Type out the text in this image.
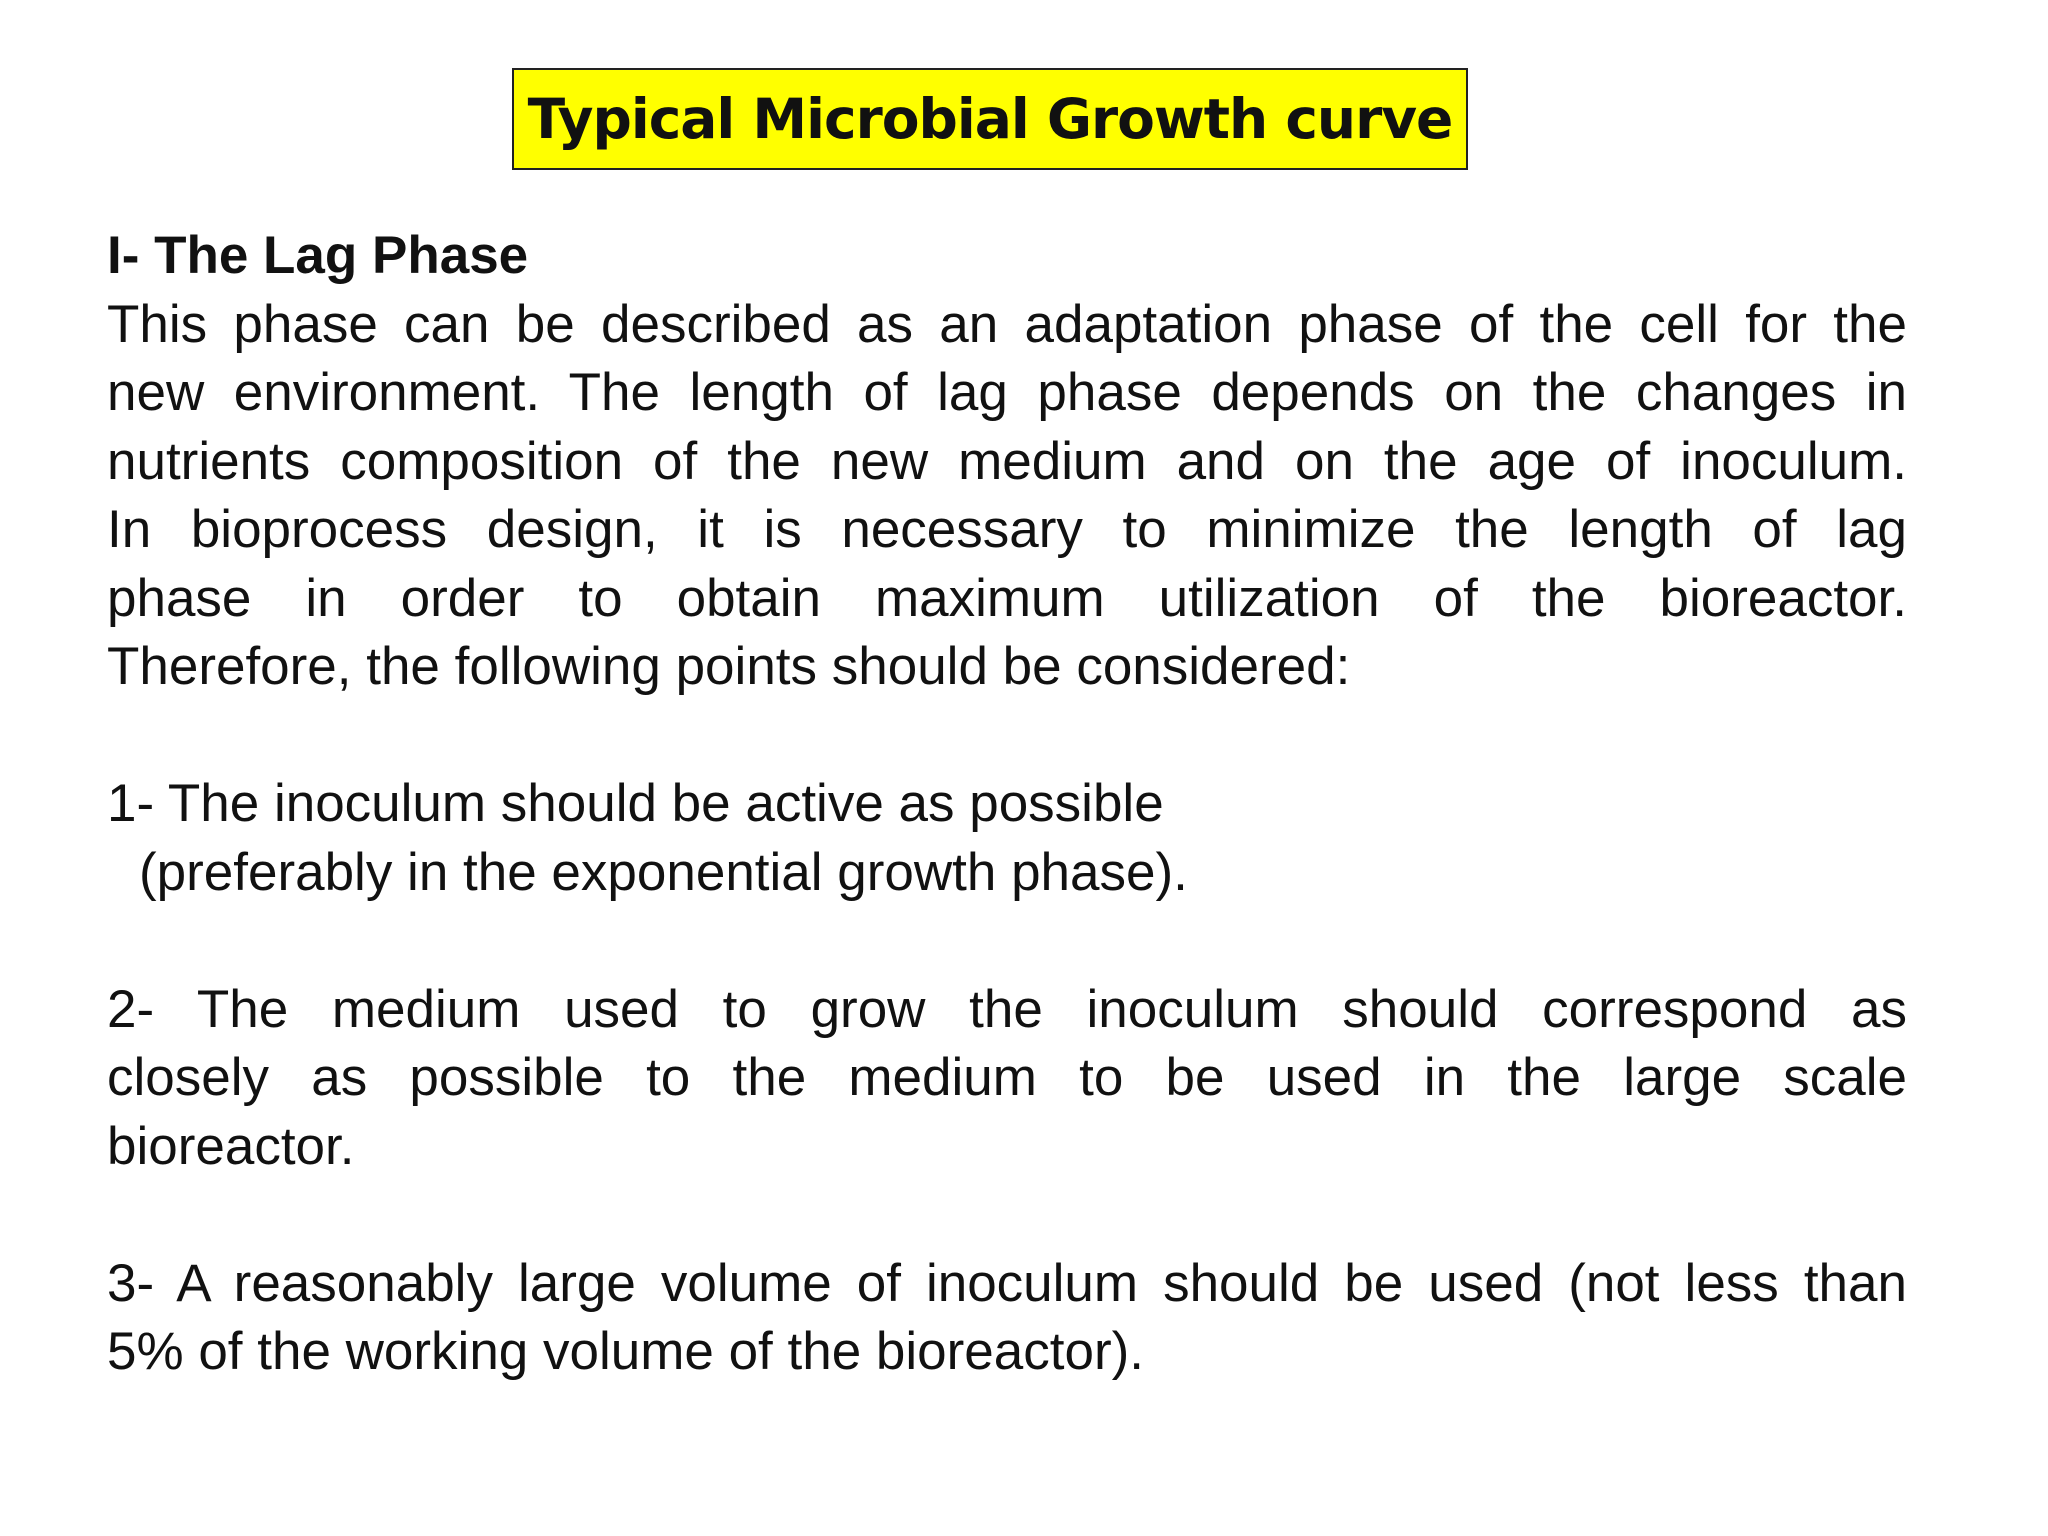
Typical Microbial Growth curve

I- The Lag Phase

This phase can be described as an adaptation phase of the cell for the
new environment. The length of lag phase depends on the changes in
nutrients composition of the new medium and on the age of inoculum.
In bioprocess design, it is necessary to minimize the length of lag
phase in order to obtain maximum utilization of the bioreactor.
Therefore, the following points should be considered:

1- The inoculum should be active as possible
(preferably in the exponential growth phase).

2- The medium used to grow the inoculum should correspond as
closely as possible to the medium to be used in the large scale
bioreactor.

3- A reasonably large volume of inoculum should be used (not less than
5% of the working volume of the bioreactor).
